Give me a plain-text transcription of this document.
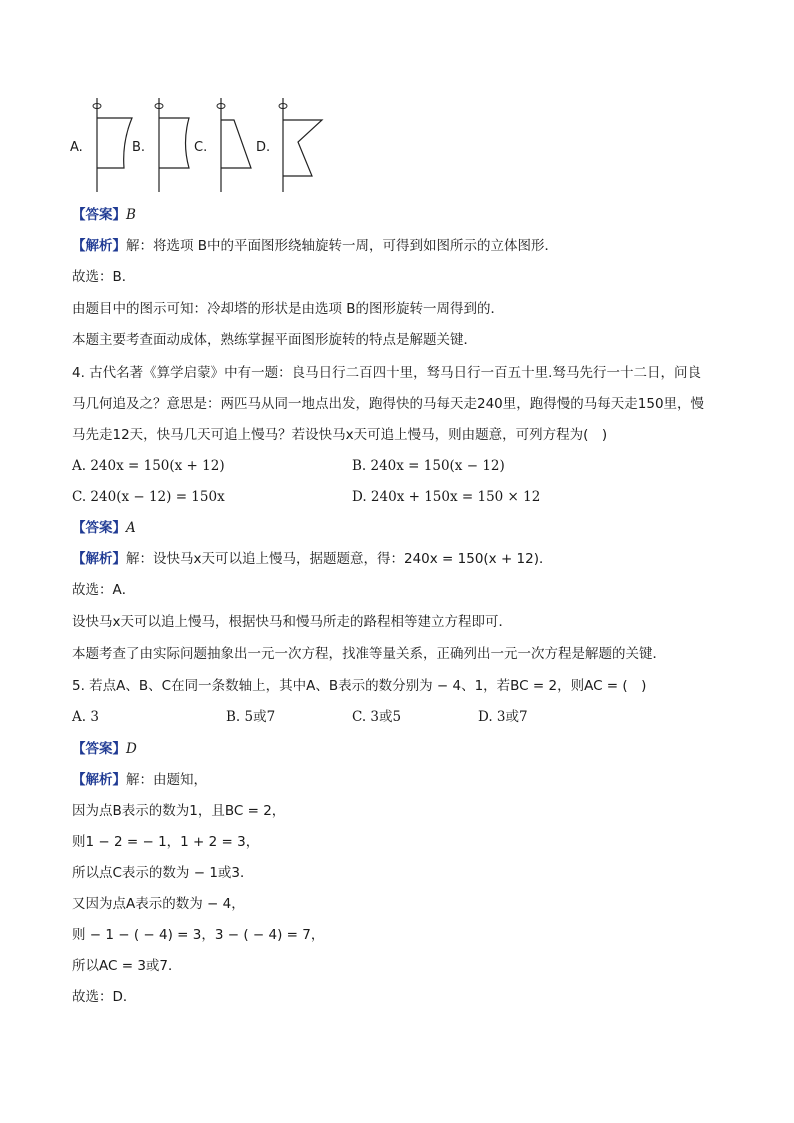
A.	B.	C.	D.
【答案】B
【解析】解：将选项 B中的平面图形绕轴旋转一周，可得到如图所示的立体图形．
故选：B．
由题目中的图示可知：冷却塔的形状是由选项 B的图形旋转一周得到的．
本题主要考查面动成体，熟练掌握平面图形旋转的特点是解题关键．
4. 古代名著《算学启蒙》中有一题：良马日行二百四十里，驽马日行一百五十里.驽马先行一十二日，问良
马几何追及之？意思是：两匹马从同一地点出发，跑得快的马每天走240里，跑得慢的马每天走150里，慢
马先走12天，快马几天可追上慢马？若设快马x天可追上慢马，则由题意，可列方程为(　)
A. 240x = 150(x + 12)	B. 240x = 150(x − 12)
C. 240(x − 12) = 150x	D. 240x + 150x = 150 × 12
【答案】A
【解析】解：设快马x天可以追上慢马，据题题意，得：240x = 150(x + 12)．
故选：A．
设快马x天可以追上慢马，根据快马和慢马所走的路程相等建立方程即可．
本题考查了由实际问题抽象出一元一次方程，找准等量关系，正确列出一元一次方程是解题的关键．
5. 若点A、B、C在同一条数轴上，其中A、B表示的数分别为 − 4、1，若BC = 2，则AC = (　)
A. 3	B. 5或7	C. 3或5	D. 3或7
【答案】D
【解析】解：由题知，
因为点B表示的数为1，且BC = 2，
则1 − 2 = − 1，1 + 2 = 3，
所以点C表示的数为 − 1或3．
又因为点A表示的数为 − 4，
则 − 1 − ( − 4) = 3，3 − ( − 4) = 7，
所以AC = 3或7．
故选：D．
